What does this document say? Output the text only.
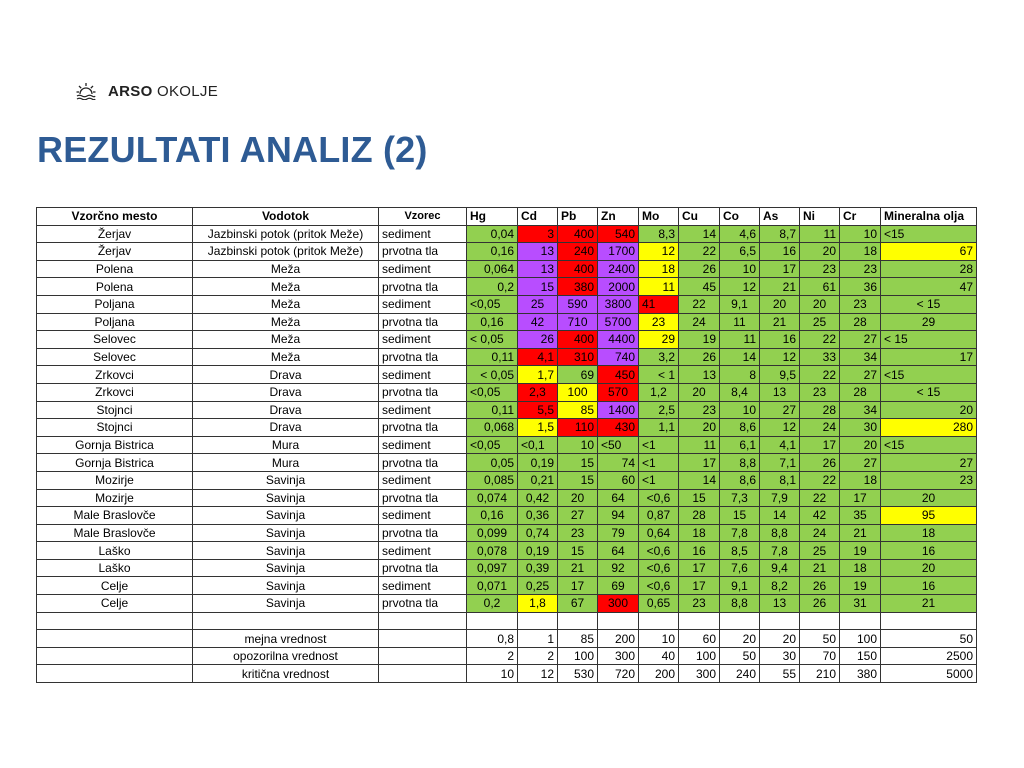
ARSO OKOLJE
REZULTATI ANALIZ (2)
Vzorčno mesto	Vodotok	Vzorec	Hg	Cd	Pb	Zn	Mo	Cu	Co	As	Ni	Cr	Mineralna olja
Žerjav	Jazbinski potok (pritok Meže)	sediment	0,04	3	400	540	8,3	14	4,6	8,7	11	10	<15
Žerjav	Jazbinski potok (pritok Meže)	prvotna tla	0,16	13	240	1700	12	22	6,5	16	20	18	67
Polena	Meža	sediment	0,064	13	400	2400	18	26	10	17	23	23	28
Polena	Meža	prvotna tla	0,2	15	380	2000	11	45	12	21	61	36	47
Poljana	Meža	sediment	<0,05	25	590	3800	41	22	9,1	20	20	23	< 15
Poljana	Meža	prvotna tla	0,16	42	710	5700	23	24	11	21	25	28	29
Selovec	Meža	sediment	< 0,05	26	400	4400	29	19	11	16	22	27	< 15
Selovec	Meža	prvotna tla	0,11	4,1	310	740	3,2	26	14	12	33	34	17
Zrkovci	Drava	sediment	< 0,05	1,7	69	450	< 1	13	8	9,5	22	27	<15
Zrkovci	Drava	prvotna tla	<0,05	2,3	100	570	1,2	20	8,4	13	23	28	< 15
Stojnci	Drava	sediment	0,11	5,5	85	1400	2,5	23	10	27	28	34	20
Stojnci	Drava	prvotna tla	0,068	1,5	110	430	1,1	20	8,6	12	24	30	280
Gornja Bistrica	Mura	sediment	<0,05	<0,1	10	<50	<1	11	6,1	4,1	17	20	<15
Gornja Bistrica	Mura	prvotna tla	0,05	0,19	15	74	<1	17	8,8	7,1	26	27	27
Mozirje	Savinja	sediment	0,085	0,21	15	60	<1	14	8,6	8,1	22	18	23
Mozirje	Savinja	prvotna tla	0,074	0,42	20	64	<0,6	15	7,3	7,9	22	17	20
Male Braslovče	Savinja	sediment	0,16	0,36	27	94	0,87	28	15	14	42	35	95
Male Braslovče	Savinja	prvotna tla	0,099	0,74	23	79	0,64	18	7,8	8,8	24	21	18
Laško	Savinja	sediment	0,078	0,19	15	64	<0,6	16	8,5	7,8	25	19	16
Laško	Savinja	prvotna tla	0,097	0,39	21	92	<0,6	17	7,6	9,4	21	18	20
Celje	Savinja	sediment	0,071	0,25	17	69	<0,6	17	9,1	8,2	26	19	16
Celje	Savinja	prvotna tla	0,2	1,8	67	300	0,65	23	8,8	13	26	31	21

	mejna vrednost		0,8	1	85	200	10	60	20	20	50	100	50
	opozorilna vrednost		2	2	100	300	40	100	50	30	70	150	2500
	kritična vrednost		10	12	530	720	200	300	240	55	210	380	5000
